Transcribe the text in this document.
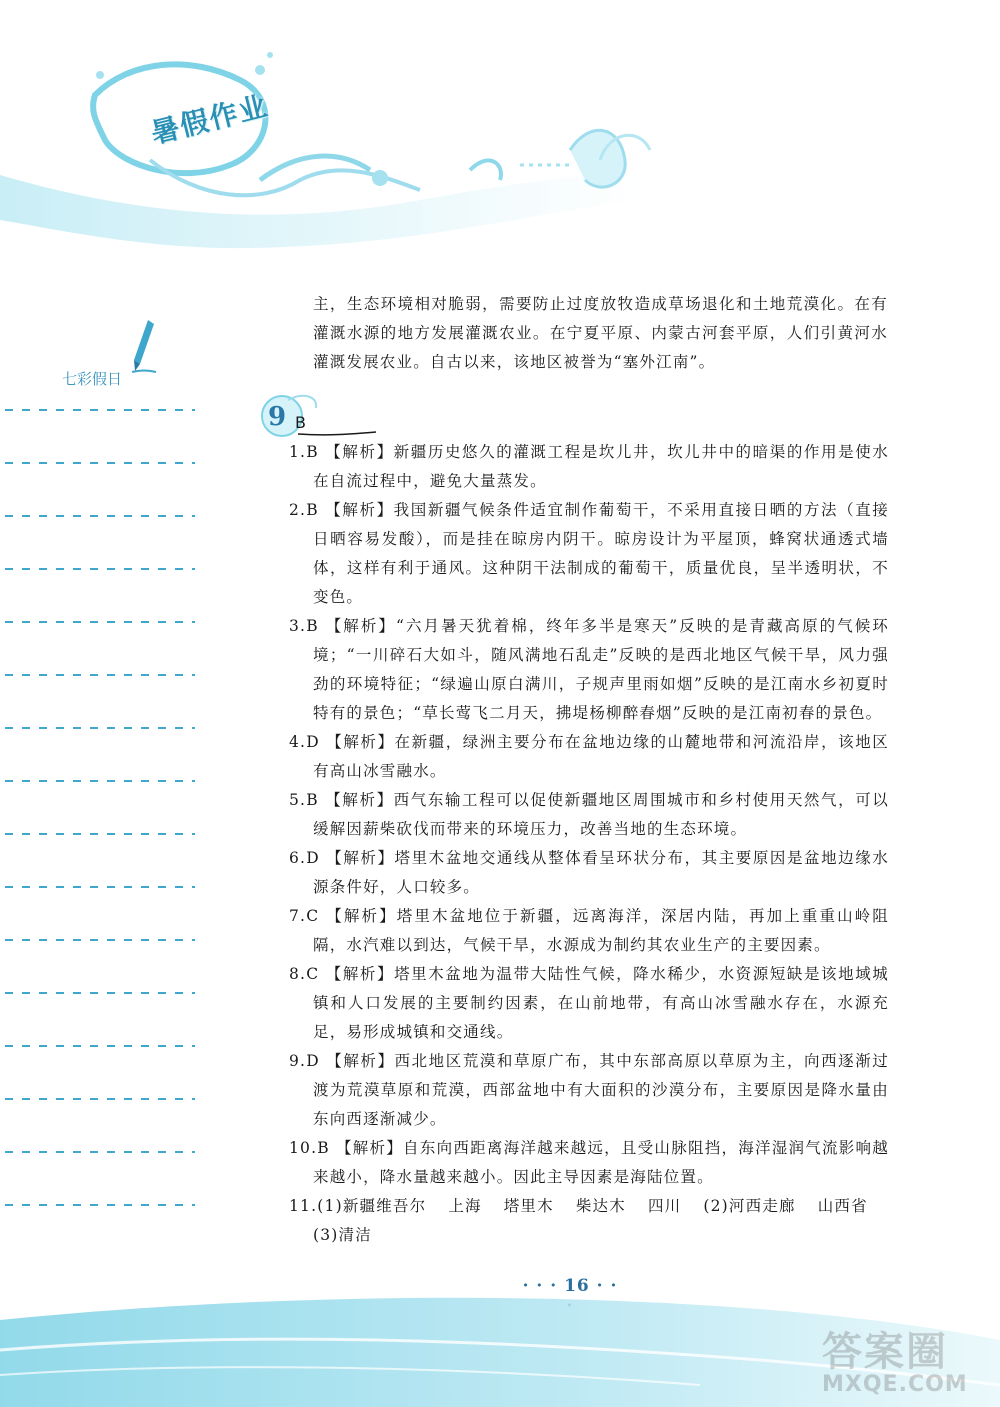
暑假作业
七彩假日
主，生态环境相对脆弱，需要防止过度放牧造成草场退化和土地荒漠化。在有灌溉水源的地方发展灌溉农业。在宁夏平原、内蒙古河套平原，人们引黄河水灌溉发展农业。自古以来，该地区被誉为“塞外江南”。
9 B
1.B 【解析】新疆历史悠久的灌溉工程是坎儿井，坎儿井中的暗渠的作用是使水在自流过程中，避免大量蒸发。
2.B 【解析】我国新疆气候条件适宜制作葡萄干，不采用直接日晒的方法（直接日晒容易发酸），而是挂在晾房内阴干。晾房设计为平屋顶，蜂窝状通透式墙体，这样有利于通风。这种阴干法制成的葡萄干，质量优良，呈半透明状，不变色。
3.B 【解析】“六月暑天犹着棉，终年多半是寒天”反映的是青藏高原的气候环境；“一川碎石大如斗，随风满地石乱走”反映的是西北地区气候干旱，风力强劲的环境特征；“绿遍山原白满川，子规声里雨如烟”反映的是江南水乡初夏时特有的景色；“草长莺飞二月天，拂堤杨柳醉春烟”反映的是江南初春的景色。
4.D 【解析】在新疆，绿洲主要分布在盆地边缘的山麓地带和河流沿岸，该地区有高山冰雪融水。
5.B 【解析】西气东输工程可以促使新疆地区周围城市和乡村使用天然气，可以缓解因薪柴砍伐而带来的环境压力，改善当地的生态环境。
6.D 【解析】塔里木盆地交通线从整体看呈环状分布，其主要原因是盆地边缘水源条件好，人口较多。
7.C 【解析】塔里木盆地位于新疆，远离海洋，深居内陆，再加上重重山岭阻隔，水汽难以到达，气候干旱，水源成为制约其农业生产的主要因素。
8.C 【解析】塔里木盆地为温带大陆性气候，降水稀少，水资源短缺是该地域城镇和人口发展的主要制约因素，在山前地带，有高山冰雪融水存在，水源充足，易形成城镇和交通线。
9.D 【解析】西北地区荒漠和草原广布，其中东部高原以草原为主，向西逐渐过渡为荒漠草原和荒漠，西部盆地中有大面积的沙漠分布，主要原因是降水量由东向西逐渐减少。
10.B 【解析】自东向西距离海洋越来越远，且受山脉阻挡，海洋湿润气流影响越来越小，降水量越来越小。因此主导因素是海陆位置。
11.(1)新疆维吾尔 上海 塔里木 柴达木 四川 (2)河西走廊 山西省
(3)清洁
· · · 16 · ·
答案圈
MXQE.COM
